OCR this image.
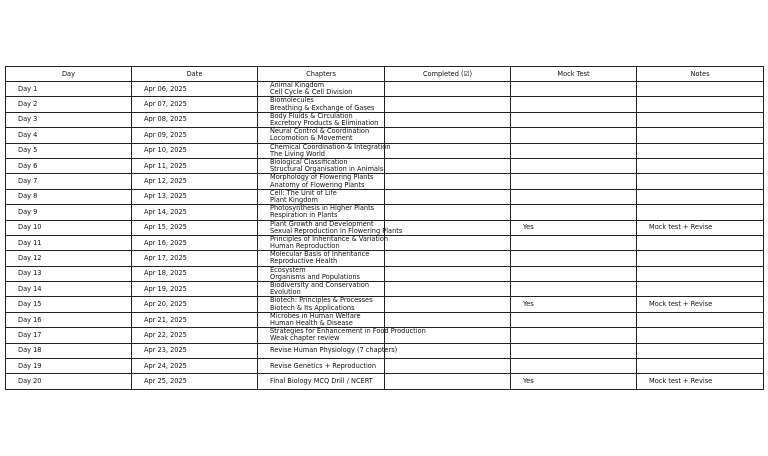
Day	Date	Chapters	Completed (☑)	Mock Test	Notes
Day 1	Apr 06, 2025	Animal Kingdom
Cell Cycle & Cell Division			

Day 2	Apr 07, 2025	Biomolecules
Breathing & Exchange of Gases			

Day 3	Apr 08, 2025	Body Fluids & Circulation
Excretory Products & Elimination			

Day 4	Apr 09, 2025	Neural Control & Coordination
Locomotion & Movement			

Day 5	Apr 10, 2025	Chemical Coordination & Integration
The Living World			

Day 6	Apr 11, 2025	Biological Classification
Structural Organisation in Animals			

Day 7	Apr 12, 2025	Morphology of Flowering Plants
Anatomy of Flowering Plants			

Day 8	Apr 13, 2025	Cell: The Unit of Life
Plant Kingdom			

Day 9	Apr 14, 2025	Photosynthesis in Higher Plants
Respiration in Plants			

Day 10	Apr 15, 2025	Plant Growth and Development
Sexual Reproduction in Flowering Plants		Yes	Mock test + Revise
Day 11	Apr 16, 2025	Principles of Inheritance & Variation
Human Reproduction			

Day 12	Apr 17, 2025	Molecular Basis of Inheritance
Reproductive Health			

Day 13	Apr 18, 2025	Ecosystem
Organisms and Populations			

Day 14	Apr 19, 2025	Biodiversity and Conservation
Evolution			

Day 15	Apr 20, 2025	Biotech: Principles & Processes
Biotech & Its Applications		Yes	Mock test + Revise
Day 16	Apr 21, 2025	Microbes in Human Welfare
Human Health & Disease			

Day 17	Apr 22, 2025	Strategies for Enhancement in Food Production
Weak chapter review			

Day 18	Apr 23, 2025	Revise Human Physiology (7 chapters)			

Day 19	Apr 24, 2025	Revise Genetics + Reproduction			

Day 20	Apr 25, 2025	Final Biology MCQ Drill / NCERT		Yes	Mock test + Revise
